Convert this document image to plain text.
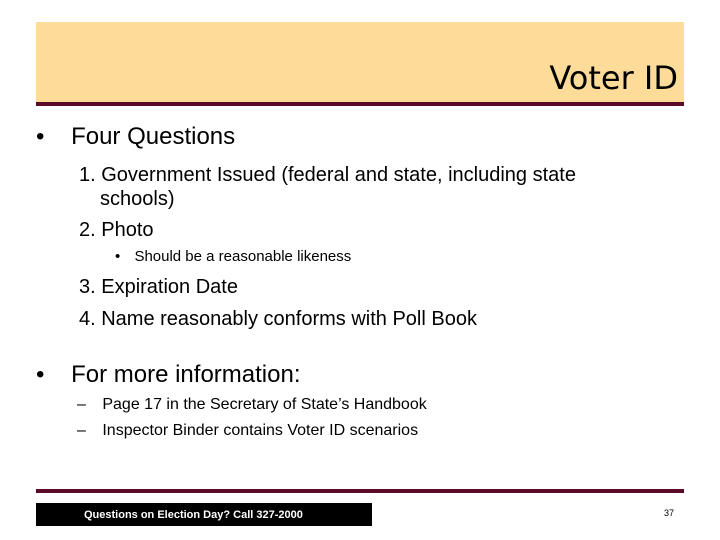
Voter ID
• Four Questions
1. Government Issued (federal and state, including state
schools)
2. Photo
• Should be a reasonable likeness
3. Expiration Date
4. Name reasonably conforms with Poll Book
• For more information:
– Page 17 in the Secretary of State’s Handbook
– Inspector Binder contains Voter ID scenarios
Questions on Election Day? Call 327-2000	37
